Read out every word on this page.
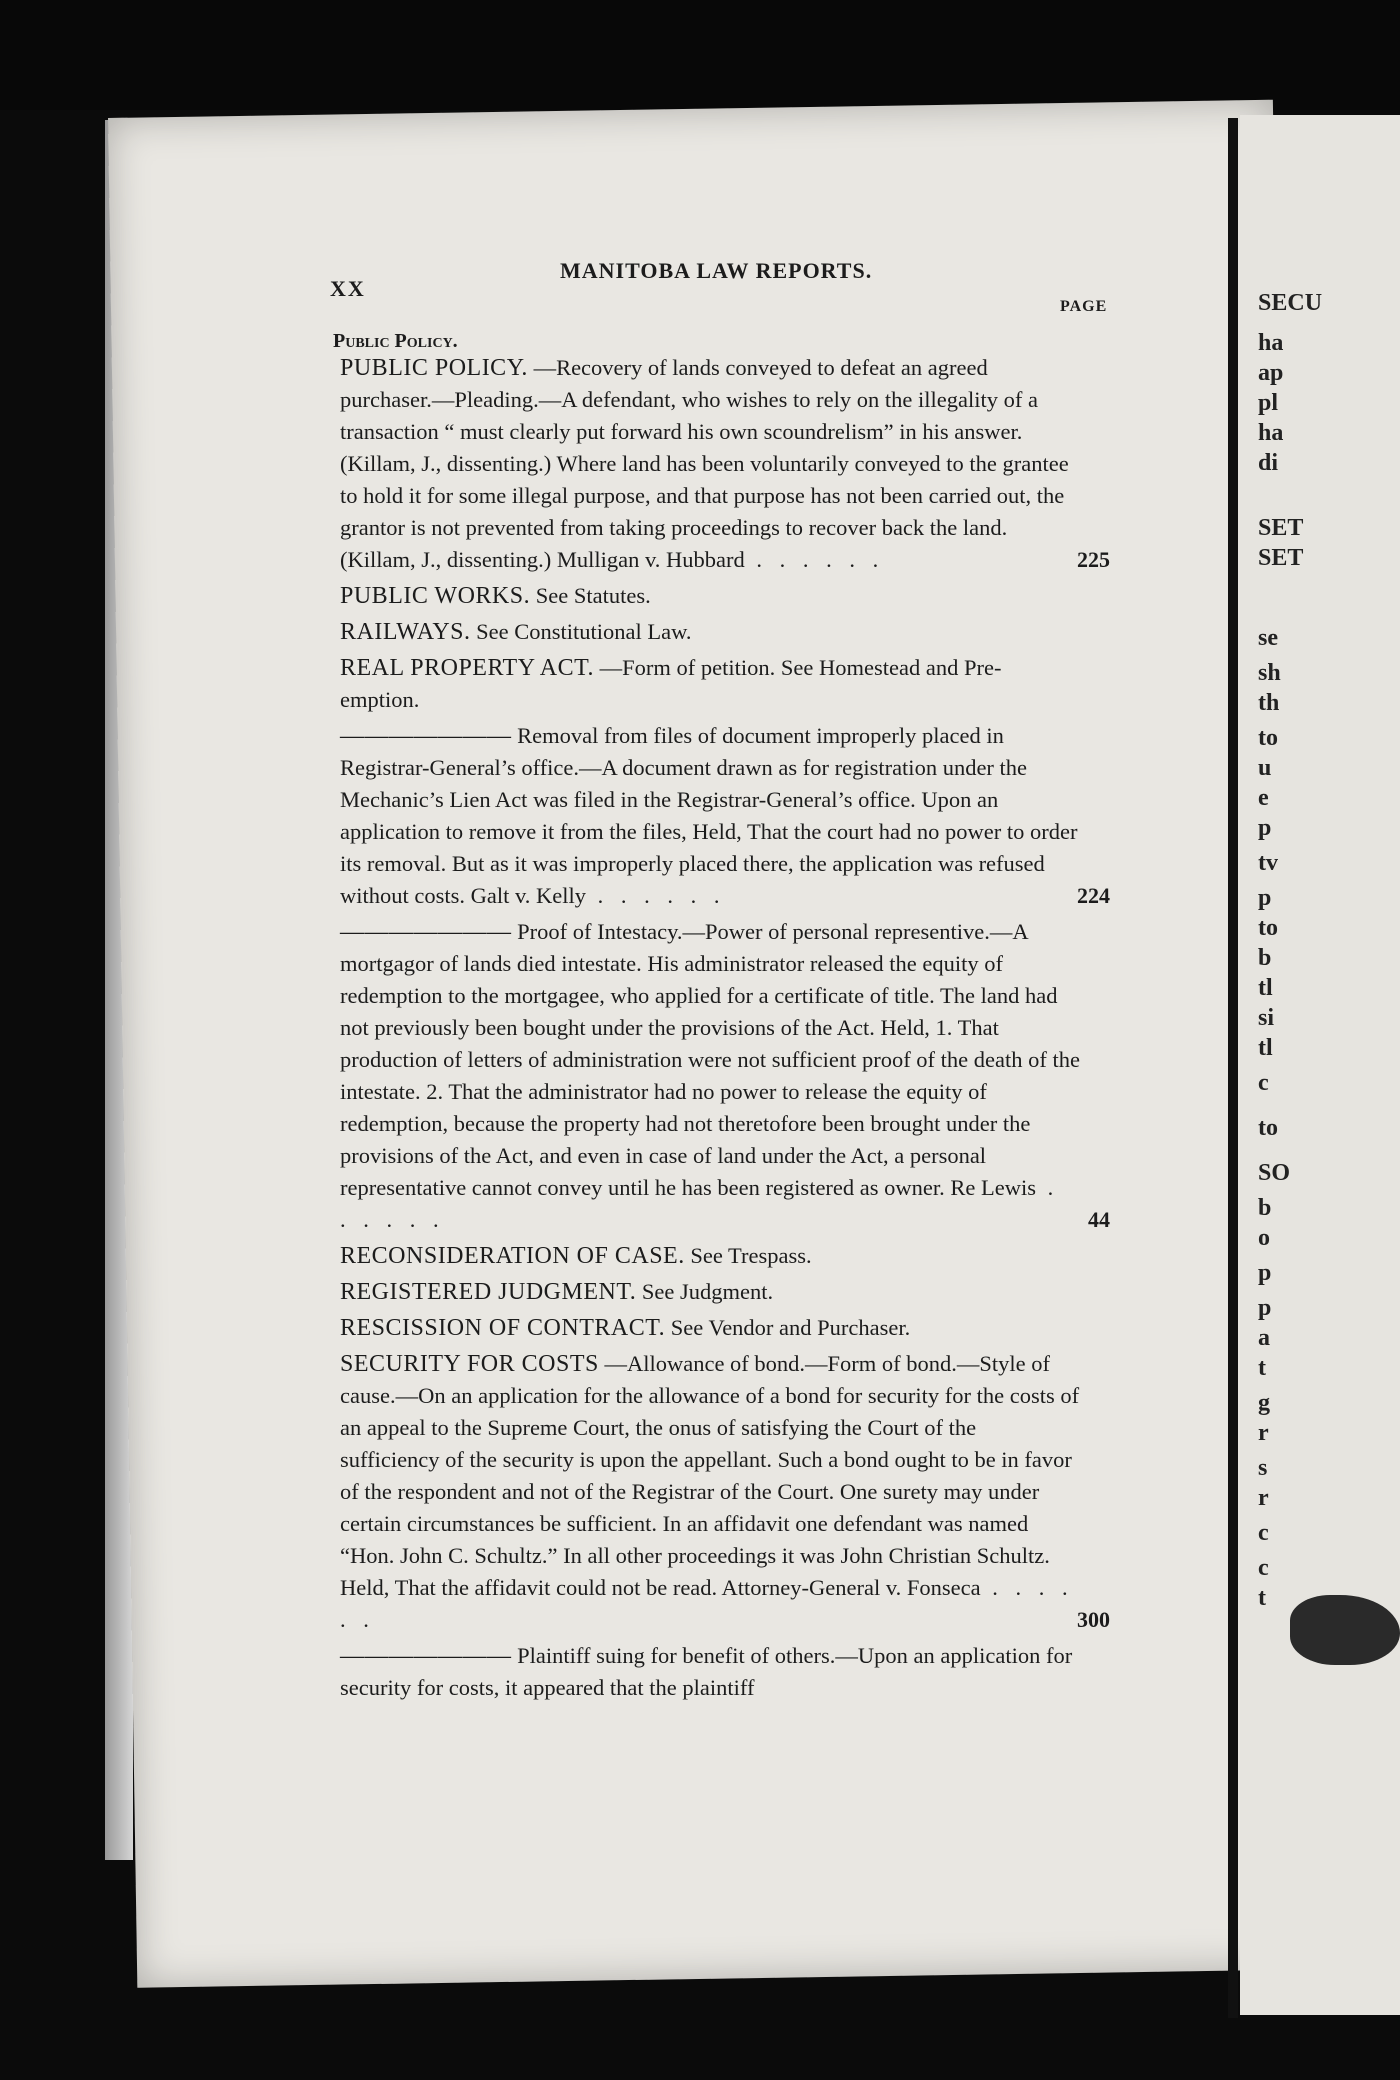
XX
MANITOBA LAW REPORTS.
PAGE
Public Policy.
PUBLIC POLICY. —Recovery of lands conveyed to defeat an agreed purchaser.—Pleading.—A defendant, who wishes to rely on the illegality of a transaction “ must clearly put forward his own scoundrelism” in his answer. (Killam, J., dissenting.) Where land has been voluntarily conveyed to the grantee to hold it for some illegal purpose, and that purpose has not been carried out, the grantor is not prevented from taking proceedings to recover back the land. (Killam, J., dissenting.) Mulligan v. Hubbard . . . . . .	225
PUBLIC WORKS. See Statutes.
RAILWAYS. See Constitutional Law.
REAL PROPERTY ACT. —Form of petition. See Homestead and Pre-emption.
——————— Removal from files of document improperly placed in Registrar-General’s office.—A document drawn as for registration under the Mechanic’s Lien Act was filed in the Registrar-General’s office. Upon an application to remove it from the files, Held, That the court had no power to order its removal. But as it was improperly placed there, the application was refused without costs. Galt v. Kelly . . . . . .	224
——————— Proof of Intestacy.—Power of personal representive.—A mortgagor of lands died intestate. His administrator released the equity of redemption to the mortgagee, who applied for a certificate of title. The land had not previously been bought under the provisions of the Act. Held, 1. That production of letters of administration were not sufficient proof of the death of the intestate. 2. That the administrator had no power to release the equity of redemption, because the property had not theretofore been brought under the provisions of the Act, and even in case of land under the Act, a personal representative cannot convey until he has been registered as owner. Re Lewis . . . . . .	44
RECONSIDERATION OF CASE. See Trespass.
REGISTERED JUDGMENT. See Judgment.
RESCISSION OF CONTRACT. See Vendor and Purchaser.
SECURITY FOR COSTS —Allowance of bond.—Form of bond.—Style of cause.—On an application for the allowance of a bond for security for the costs of an appeal to the Supreme Court, the onus of satisfying the Court of the sufficiency of the security is upon the appellant. Such a bond ought to be in favor of the respondent and not of the Registrar of the Court. One surety may under certain circumstances be sufficient. In an affidavit one defendant was named “Hon. John C. Schultz.” In all other proceedings it was John Christian Schultz. Held, That the affidavit could not be read. Attorney-General v. Fonseca . . . . . .	300
——————— Plaintiff suing for benefit of others.—Upon an application for security for costs, it appeared that the plaintiff
SECU
ha
ap
pl
ha
di
SET
SET
se
sh
th
to
u
e
p
tv
p
to
b
tl
si
tl
c
to
SO
b
o
p
p
a
t
g
r
s
r
c
c
t
